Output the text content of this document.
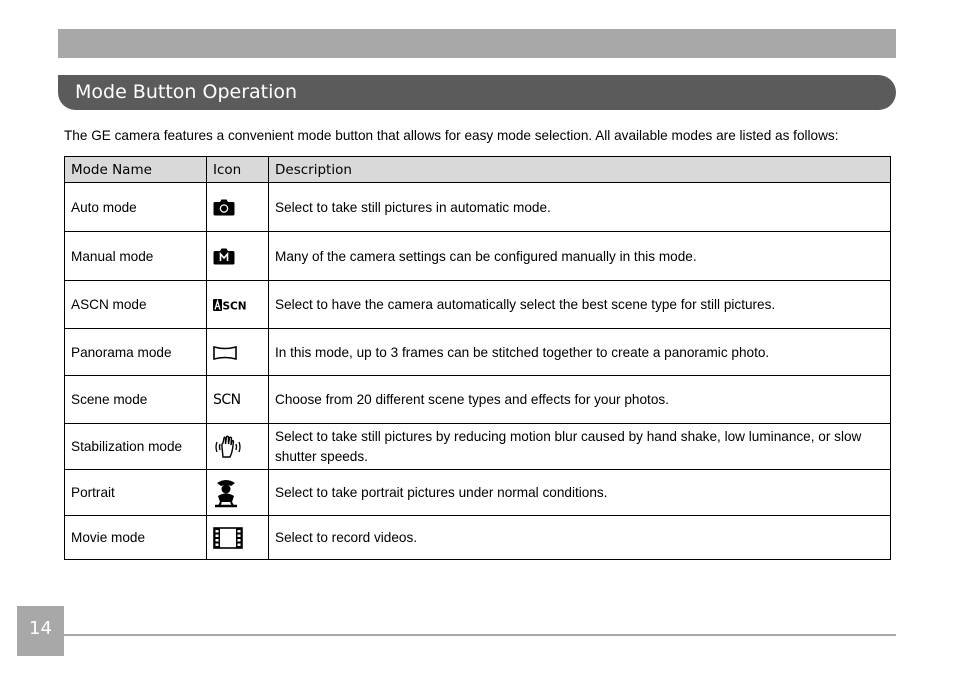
Mode Button Operation
The GE camera features a convenient mode button that allows for easy mode selection. All available modes are listed as follows:
Mode Name	Icon	Description
Auto mode		Select to take still pictures in automatic mode.
Manual mode		Many of the camera settings can be configured manually in this mode.
ASCN mode	SCN	Select to have the camera automatically select the best scene type for still pictures.
Panorama mode		In this mode, up to 3 frames can be stitched together to create a panoramic photo.
Scene mode	SCN	Choose from 20 different scene types and effects for your photos.
Stabilization mode		Select to take still pictures by reducing motion blur caused by hand shake, low luminance, or slow shutter speeds.
Portrait		Select to take portrait pictures under normal conditions.
Movie mode		Select to record videos.
14
